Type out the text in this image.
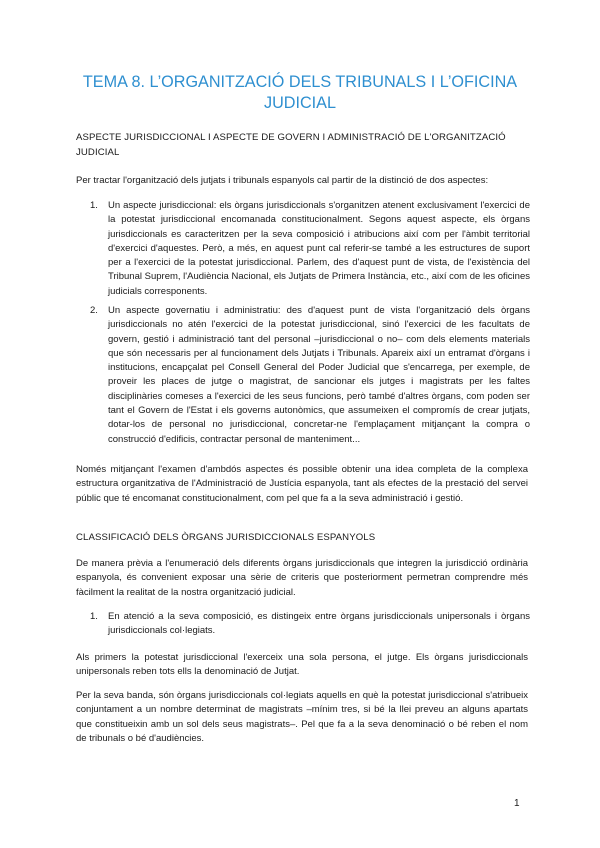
TEMA 8. L’ORGANITZACIÓ DELS TRIBUNALS I L’OFICINA JUDICIAL
ASPECTE JURISDICCIONAL I ASPECTE DE GOVERN I ADMINISTRACIÓ DE L'ORGANITZACIÓ JUDICIAL
Per tractar l'organització dels jutjats i tribunals espanyols cal partir de la distinció de dos aspectes:
1. Un aspecte jurisdiccional: els òrgans jurisdiccionals s'organitzen atenent exclusivament l'exercici de la potestat jurisdiccional encomanada constitucionalment. Segons aquest aspecte, els òrgans jurisdiccionals es caracteritzen per la seva composició i atribucions així com per l'àmbit territorial d'exercici d'aquestes. Però, a més, en aquest punt cal referir-se també a les estructures de suport per a l'exercici de la potestat jurisdiccional. Parlem, des d'aquest punt de vista, de l'existència del Tribunal Suprem, l'Audiència Nacional, els Jutjats de Primera Instància, etc., així com de les oficines judicials corresponents.
2. Un aspecte governatiu i administratiu: des d'aquest punt de vista l'organització dels òrgans jurisdiccionals no atén l'exercici de la potestat jurisdiccional, sinó l'exercici de les facultats de govern, gestió i administració tant del personal –jurisdiccional o no– com dels elements materials que són necessaris per al funcionament dels Jutjats i Tribunals. Apareix així un entramat d'òrgans i institucions, encapçalat pel Consell General del Poder Judicial que s'encarrega, per exemple, de proveir les places de jutge o magistrat, de sancionar els jutges i magistrats per les faltes disciplinàries comeses a l'exercici de les seus funcions, però també d'altres òrgans, com poden ser tant el Govern de l'Estat i els governs autonòmics, que assumeixen el compromís de crear jutjats, dotar-los de personal no jurisdiccional, concretar-ne l'emplaçament mitjançant la compra o construcció d'edificis, contractar personal de manteniment...
Només mitjançant l'examen d'ambdós aspectes és possible obtenir una idea completa de la complexa estructura organitzativa de l'Administració de Justícia espanyola, tant als efectes de la prestació del servei públic que té encomanat constitucionalment, com pel que fa a la seva administració i gestió.
CLASSIFICACIÓ DELS ÒRGANS JURISDICCIONALS ESPANYOLS
De manera prèvia a l'enumeració dels diferents òrgans jurisdiccionals que integren la jurisdicció ordinària espanyola, és convenient exposar una sèrie de criteris que posteriorment permetran comprendre més fàcilment la realitat de la nostra organització judicial.
1. En atenció a la seva composició, es distingeix entre òrgans jurisdiccionals unipersonals i òrgans jurisdiccionals col·legiats.
Als primers la potestat jurisdiccional l'exerceix una sola persona, el jutge. Els òrgans jurisdiccionals unipersonals reben tots ells la denominació de Jutjat.
Per la seva banda, són òrgans jurisdiccionals col·legiats aquells en què la potestat jurisdiccional s'atribueix conjuntament a un nombre determinat de magistrats –mínim tres, si bé la llei preveu an alguns apartats que constitueixin amb un sol dels seus magistrats–. Pel que fa a la seva denominació o bé reben el nom de tribunals o bé d'audiències.
1
